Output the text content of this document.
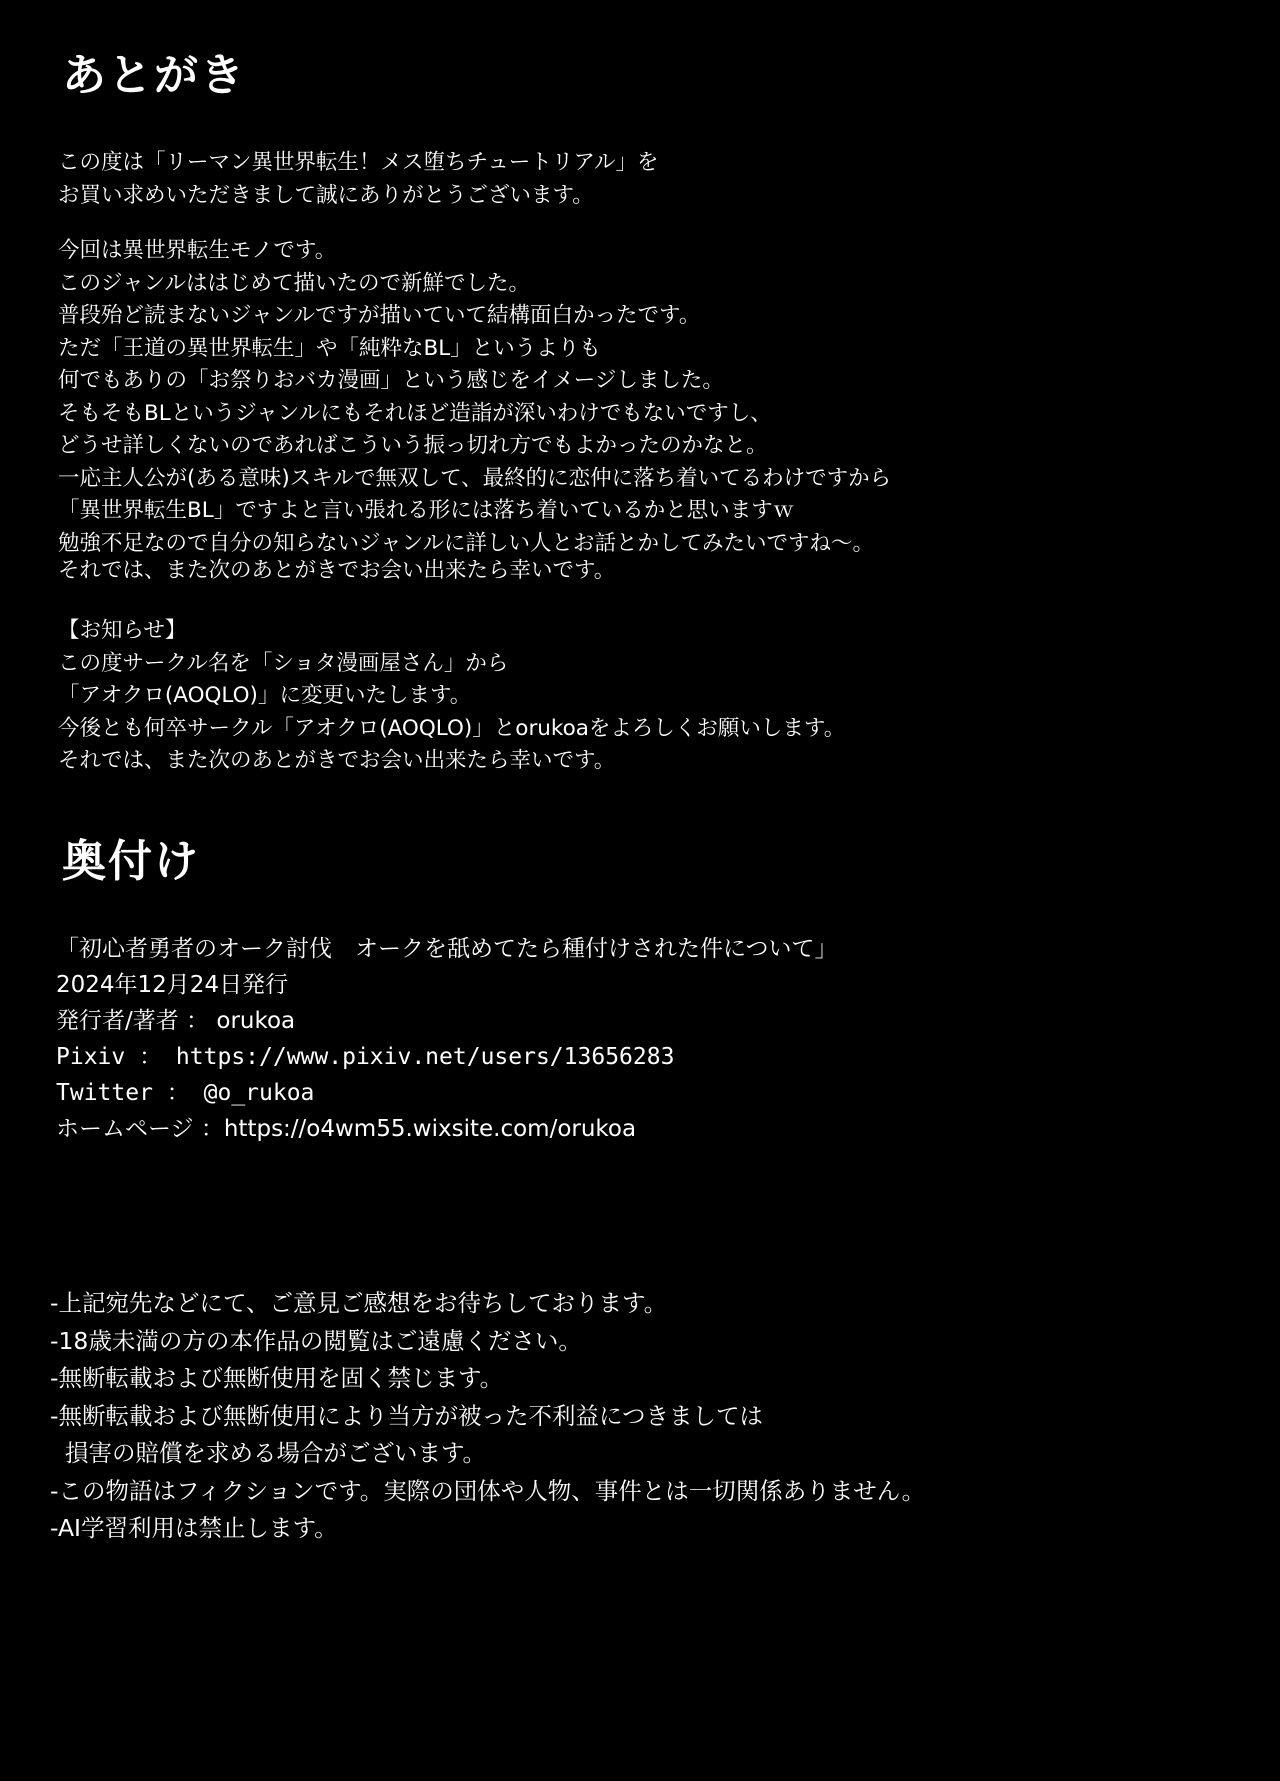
あとがき
この度は「リーマン異世界転生！メス堕ちチュートリアル」を
お買い求めいただきまして誠にありがとうございます。
今回は異世界転生モノです。
このジャンルははじめて描いたので新鮮でした。
普段殆ど読まないジャンルですが描いていて結構面白かったです。
ただ「王道の異世界転生」や「純粋なBL」というよりも
何でもありの「お祭りおバカ漫画」という感じをイメージしました。
そもそもBLというジャンルにもそれほど造詣が深いわけでもないですし、
どうせ詳しくないのであればこういう振っ切れ方でもよかったのかなと。
一応主人公が(ある意味)スキルで無双して、最終的に恋仲に落ち着いてるわけですから
「異世界転生BL」ですよと言い張れる形には落ち着いているかと思いますｗ
勉強不足なので自分の知らないジャンルに詳しい人とお話とかしてみたいですね〜。
それでは、また次のあとがきでお会い出来たら幸いです。
【お知らせ】
この度サークル名を「ショタ漫画屋さん」から
「アオクロ(AOQLO)」に変更いたします。
今後とも何卒サークル「アオクロ(AOQLO)」とorukoaをよろしくお願いします。
それでは、また次のあとがきでお会い出来たら幸いです。
奥付け
「初心者勇者のオーク討伐　オークを舐めてたら種付けされた件について」
2024年12月24日発行
発行者/著者 ： orukoa
Pixiv ： https://www.pixiv.net/users/13656283
Twitter ： @o_rukoa
ホームページ ：https://o4wm55.wixsite.com/orukoa
-上記宛先などにて、ご意見ご感想をお待ちしております。
-18歳未満の方の本作品の閲覧はご遠慮ください。
-無断転載および無断使用を固く禁じます。
-無断転載および無断使用により当方が被った不利益につきましては
損害の賠償を求める場合がございます。
-この物語はフィクションです。実際の団体や人物、事件とは一切関係ありません。
-AI学習利用は禁止します。
